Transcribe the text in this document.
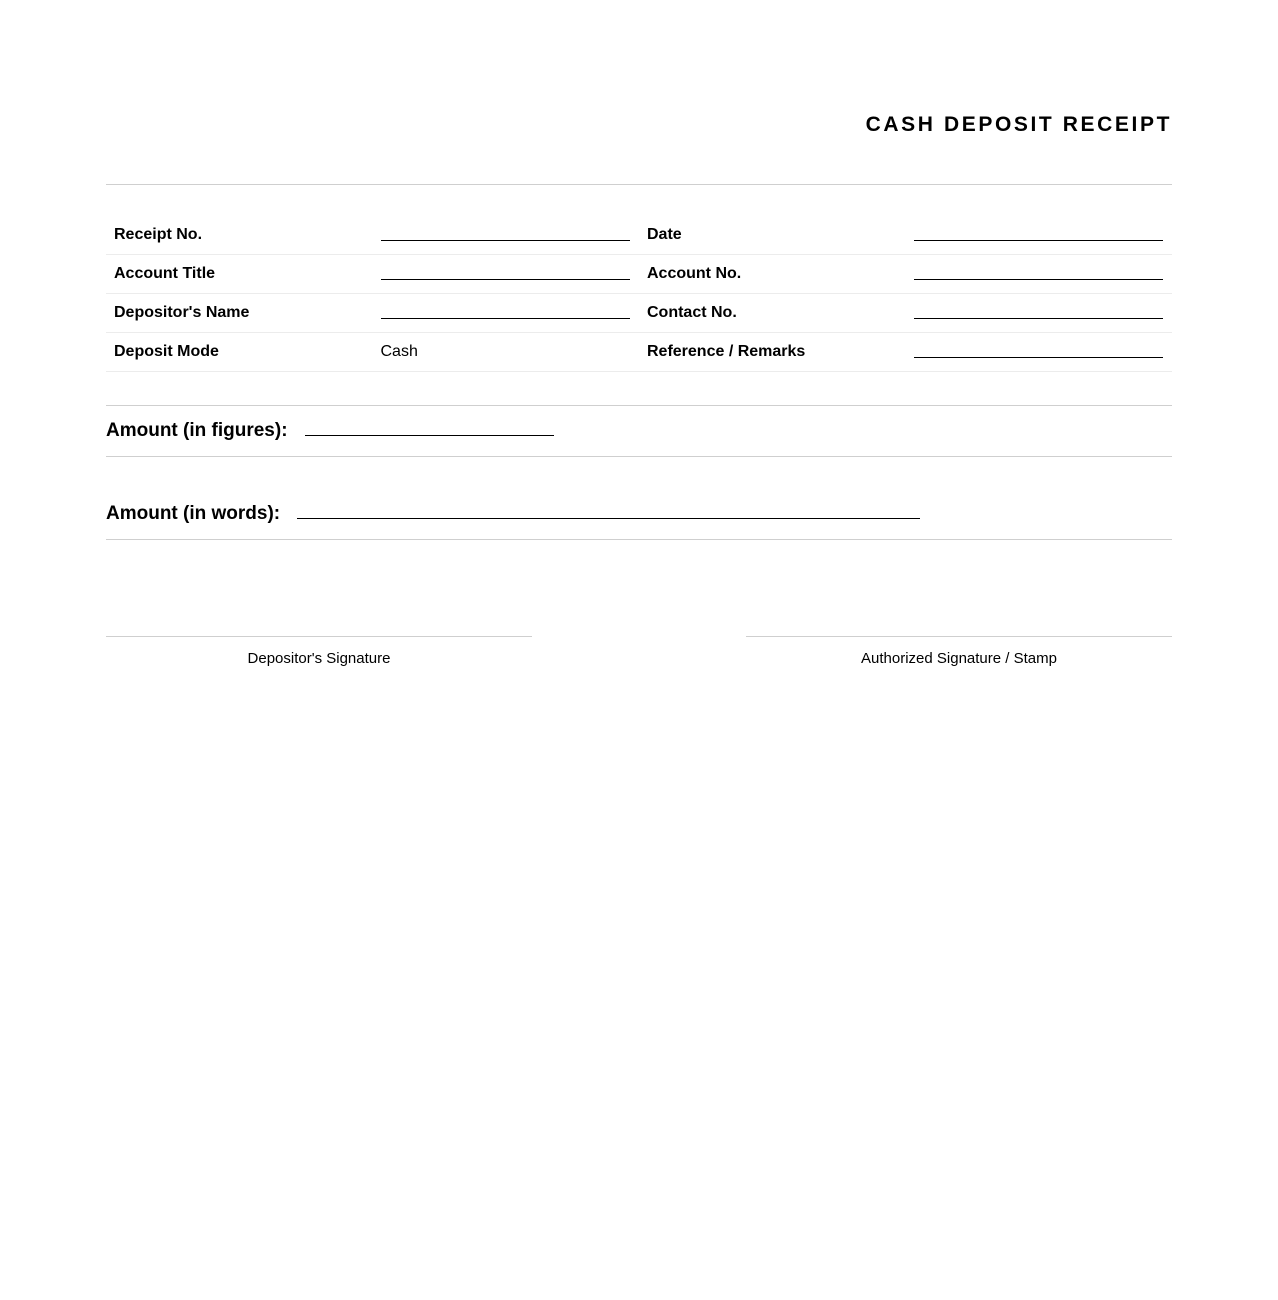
CASH DEPOSIT RECEIPT
Receipt No.		Date	
Account Title		Account No.	
Depositor's Name		Contact No.	
Deposit Mode	Cash	Reference / Remarks	
Amount (in figures):
Amount (in words):
Depositor's Signature	Authorized Signature / Stamp
